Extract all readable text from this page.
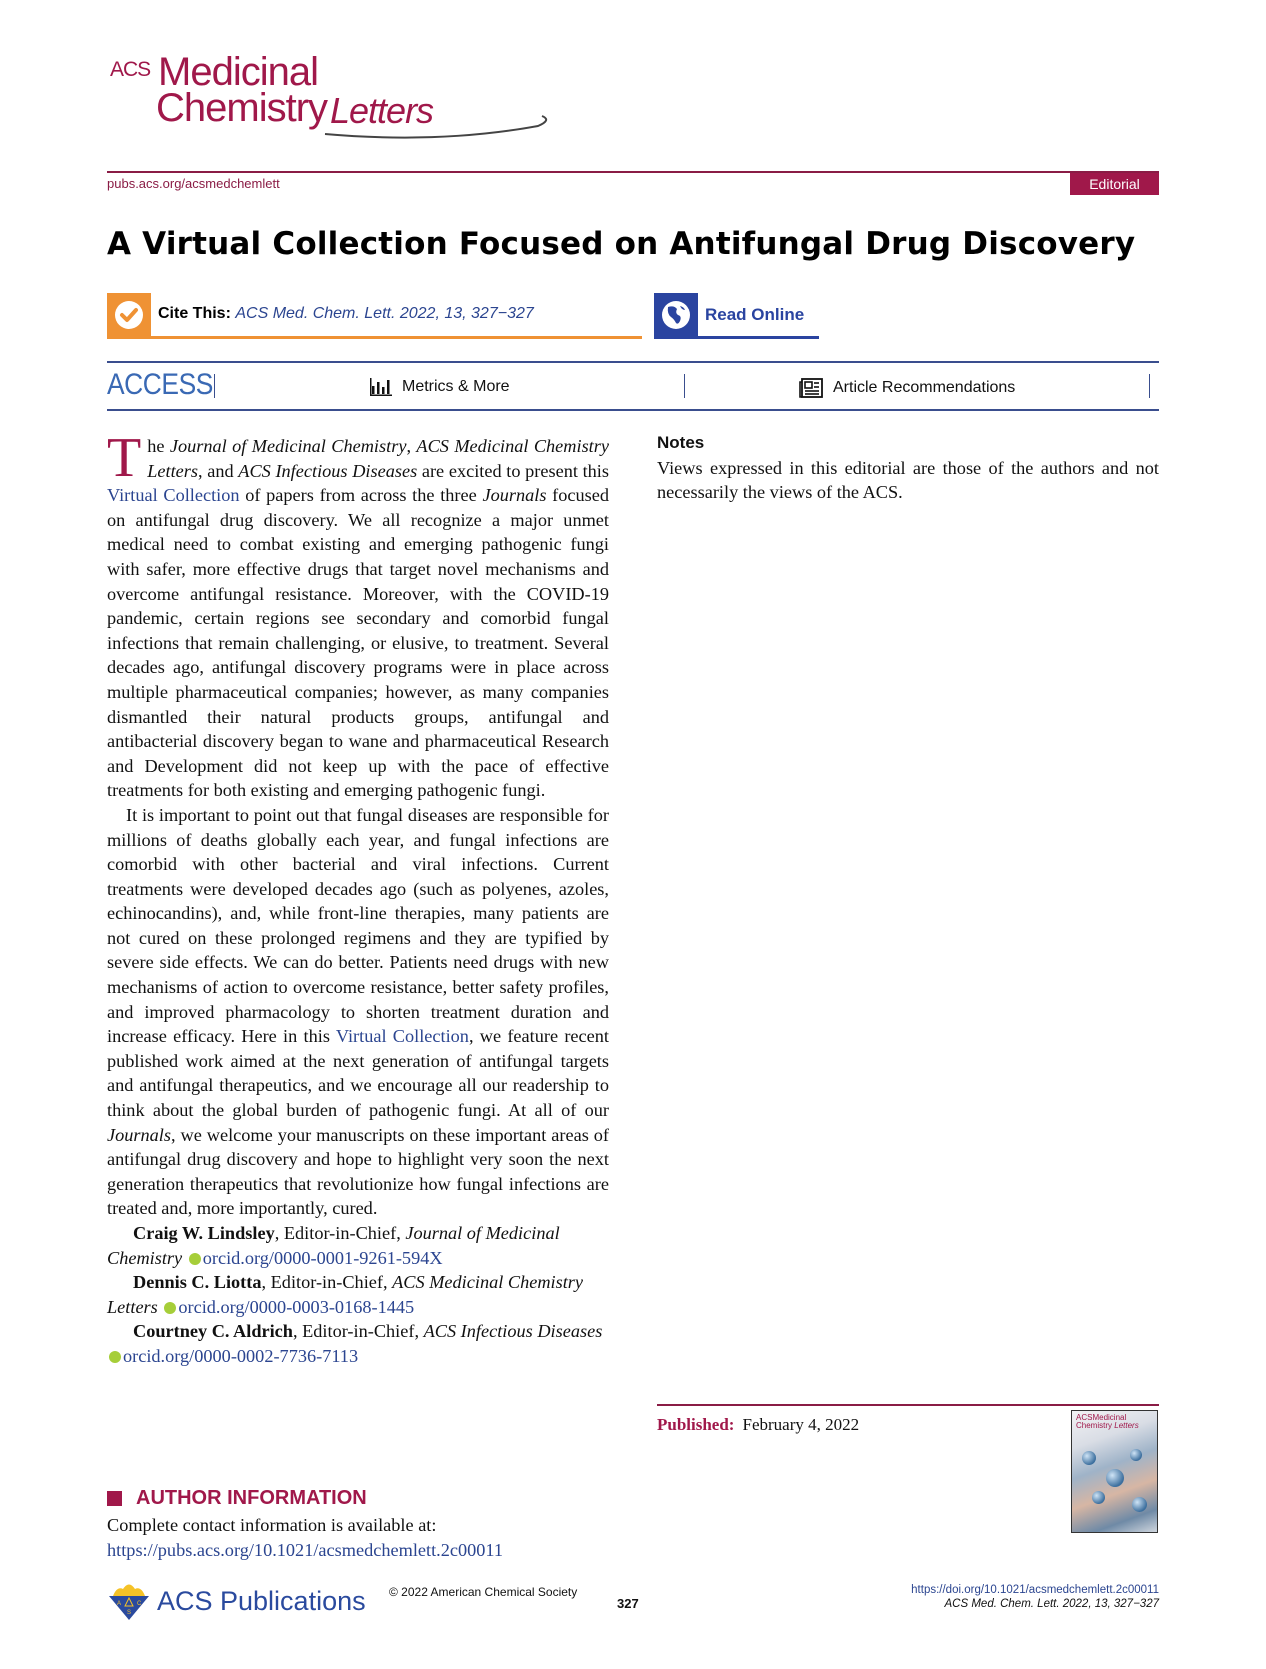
ACS Medicinal
Chemistry Letters
pubs.acs.org/acsmedchemlett	Editorial
A Virtual Collection Focused on Antifungal Drug Discovery
Cite This: ACS Med. Chem. Lett. 2022, 13, 327−327	Read Online
ACCESS	Metrics & More	Article Recommendations

The Journal of Medicinal Chemistry, ACS Medicinal Chemistry Letters, and ACS Infectious Diseases are excited to present this Virtual Collection of papers from across the three Journals focused on antifungal drug discovery. We all recognize a major unmet medical need to combat existing and emerging pathogenic fungi with safer, more effective drugs that target novel mechanisms and overcome antifungal resistance. Moreover, with the COVID-19 pandemic, certain regions see secondary and comorbid fungal infections that remain challenging, or elusive, to treatment. Several decades ago, antifungal discovery programs were in place across multiple pharmaceutical companies; however, as many companies dismantled their natural products groups, antifungal and antibacterial discovery began to wane and pharmaceutical Research and Development did not keep up with the pace of effective treatments for both existing and emerging pathogenic fungi.

It is important to point out that fungal diseases are responsible for millions of deaths globally each year, and fungal infections are comorbid with other bacterial and viral infections. Current treatments were developed decades ago (such as polyenes, azoles, echinocandins), and, while front-line therapies, many patients are not cured on these prolonged regimens and they are typified by severe side effects. We can do better. Patients need drugs with new mechanisms of action to overcome resistance, better safety profiles, and improved pharmacology to shorten treatment duration and increase efficacy. Here in this Virtual Collection, we feature recent published work aimed at the next generation of antifungal targets and antifungal therapeutics, and we encourage all our readership to think about the global burden of pathogenic fungi. At all of our Journals, we welcome your manuscripts on these important areas of antifungal drug discovery and hope to highlight very soon the next generation therapeutics that revolutionize how fungal infections are treated and, more importantly, cured.

Craig W. Lindsley, Editor-in-Chief, Journal of Medicinal Chemistry orcid.org/0000-0001-9261-594X

Dennis C. Liotta, Editor-in-Chief, ACS Medicinal Chemistry Letters orcid.org/0000-0003-0168-1445

Courtney C. Aldrich, Editor-in-Chief, ACS Infectious Diseases orcid.org/0000-0002-7736-7113

AUTHOR INFORMATION
Complete contact information is available at:
https://pubs.acs.org/10.1021/acsmedchemlett.2c00011
Notes
Views expressed in this editorial are those of the authors and not necessarily the views of the ACS.
Published: February 4, 2022	ACSMedicinal
Chemistry Letters
A	C
S ACS Publications © 2022 American Chemical Society
327
https://doi.org/10.1021/acsmedchemlett.2c00011
ACS Med. Chem. Lett. 2022, 13, 327−327
